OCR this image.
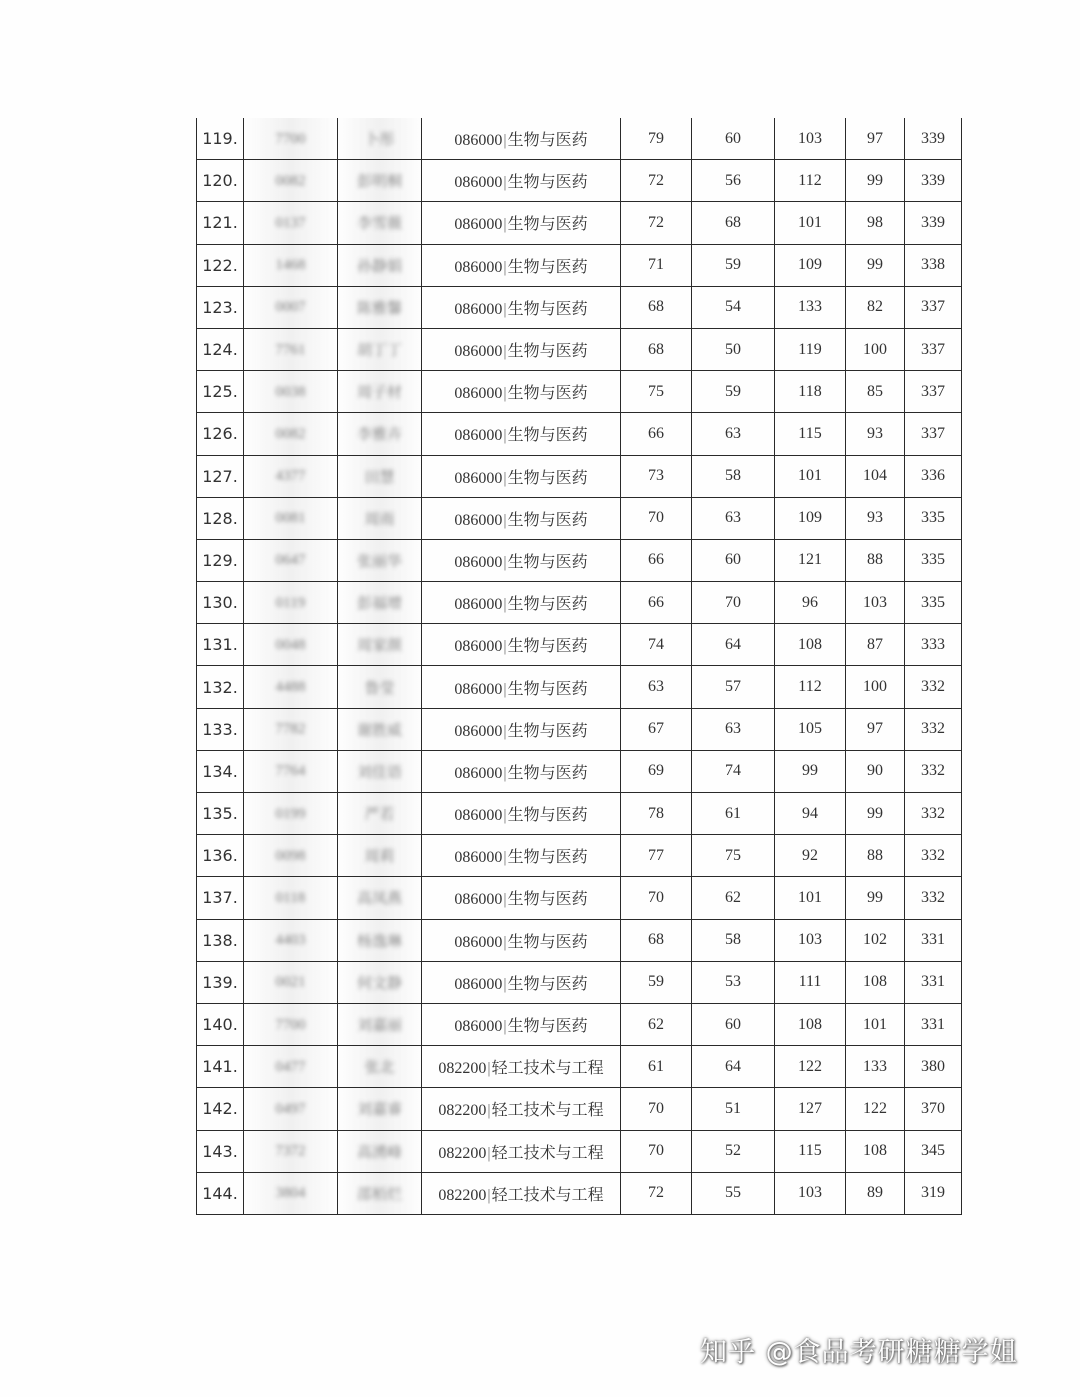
119.	7700	卜彤	086000|生物与医药	79	60	103	97	339
120.	0082	彭明桐	086000|生物与医药	72	56	112	99	339
121.	0137	李雪薇	086000|生物与医药	72	68	101	98	339
122.	1468	孙静娟	086000|生物与医药	71	59	109	99	338
123.	0007	陈雅馨	086000|生物与医药	68	54	133	82	337
124.	7761	胡丁丁	086000|生物与医药	68	50	119	100	337
125.	0038	周子材	086000|生物与医药	75	59	118	85	337
126.	0082	李雅卉	086000|生物与医药	66	63	115	93	337
127.	4377	田慧	086000|生物与医药	73	58	101	104	336
128.	0081	周雨	086000|生物与医药	70	63	109	93	335
129.	0647	张丽华	086000|生物与医药	66	60	121	88	335
130.	0119	彭福增	086000|生物与医药	66	70	96	103	335
131.	0048	周家颜	086000|生物与医药	74	64	108	87	333
132.	4488	鲁莹	086000|生物与医药	63	57	112	100	332
133.	7782	谢胜威	086000|生物与医药	67	63	105	97	332
134.	7764	刘佳语	086000|生物与医药	69	74	99	90	332
135.	0199	严若	086000|生物与医药	78	61	94	99	332
136.	0098	周莉	086000|生物与医药	77	75	92	88	332
137.	0118	高凤燕	086000|生物与医药	70	62	101	99	332
138.	4403	杨逸琳	086000|生物与医药	68	58	103	102	331
139.	0021	何文静	086000|生物与医药	59	53	111	108	331
140.	7700	刘嘉丽	086000|生物与医药	62	60	108	101	331
141.	0477	张北	082200|轻工技术与工程	61	64	122	133	380
142.	0497	刘嘉睿	082200|轻工技术与工程	70	51	127	122	370
143.	7372	高湧峰	082200|轻工技术与工程	70	52	115	108	345
144.	3804	邵栢烂	082200|轻工技术与工程	72	55	103	89	319
知乎 @食品考研糖糖学姐
